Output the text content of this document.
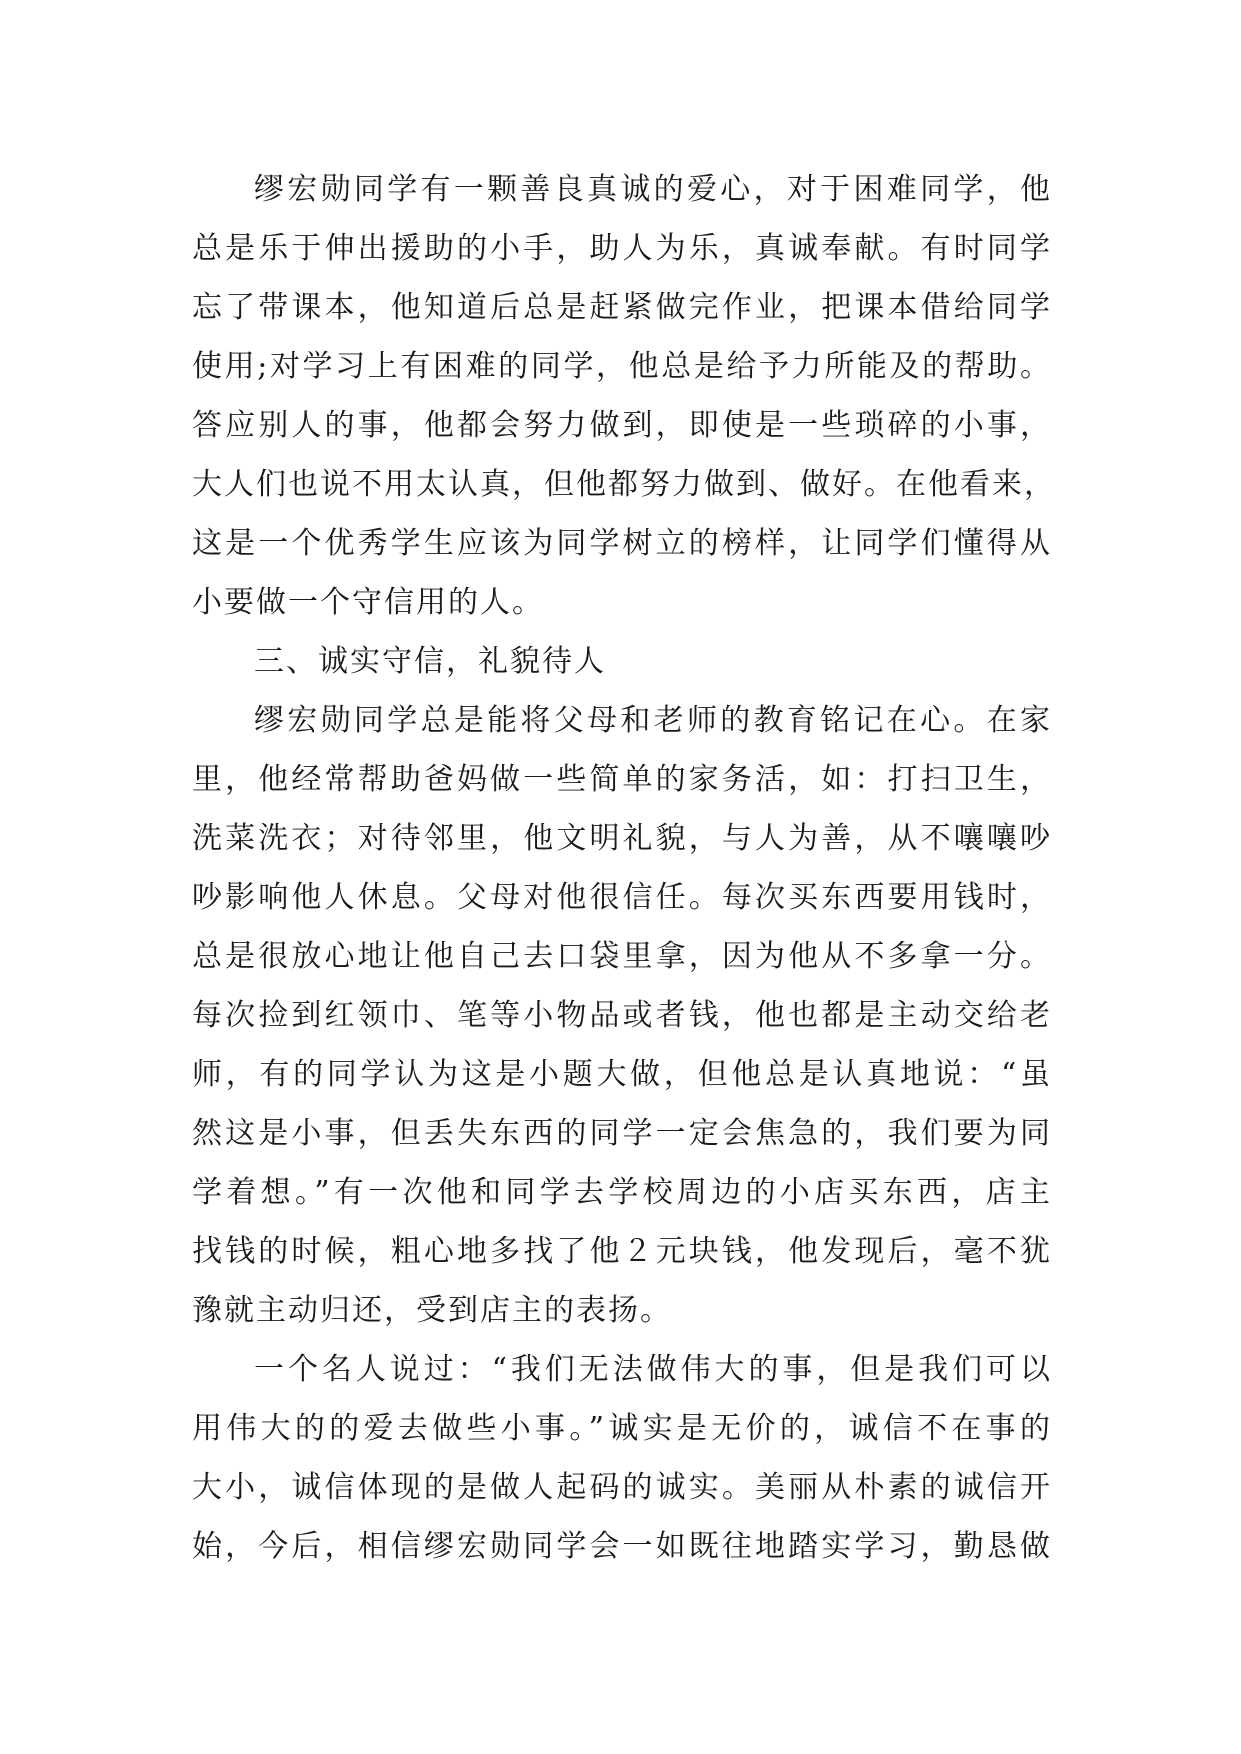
缪宏勋同学有一颗善良真诚的爱心，对于困难同学，他
总是乐于伸出援助的小手，助人为乐，真诚奉献。有时同学
忘了带课本，他知道后总是赶紧做完作业，把课本借给同学
使用;对学习上有困难的同学，他总是给予力所能及的帮助。
答应别人的事，他都会努力做到，即使是一些琐碎的小事，
大人们也说不用太认真，但他都努力做到、做好。在他看来，
这是一个优秀学生应该为同学树立的榜样，让同学们懂得从
小要做一个守信用的人。
三、诚实守信，礼貌待人
缪宏勋同学总是能将父母和老师的教育铭记在心。在家
里，他经常帮助爸妈做一些简单的家务活，如：打扫卫生，
洗菜洗衣；对待邻里，他文明礼貌，与人为善，从不嚷嚷吵
吵影响他人休息。父母对他很信任。每次买东西要用钱时，
总是很放心地让他自己去口袋里拿，因为他从不多拿一分。
每次捡到红领巾、笔等小物品或者钱，他也都是主动交给老
师，有的同学认为这是小题大做，但他总是认真地说：“虽
然这是小事，但丢失东西的同学一定会焦急的，我们要为同
学着想。”有一次他和同学去学校周边的小店买东西，店主
找钱的时候，粗心地多找了他２元块钱，他发现后，毫不犹
豫就主动归还，受到店主的表扬。
一个名人说过：“我们无法做伟大的事，但是我们可以
用伟大的的爱去做些小事。”诚实是无价的，诚信不在事的
大小，诚信体现的是做人起码的诚实。美丽从朴素的诚信开
始，今后，相信缪宏勋同学会一如既往地踏实学习，勤恳做
